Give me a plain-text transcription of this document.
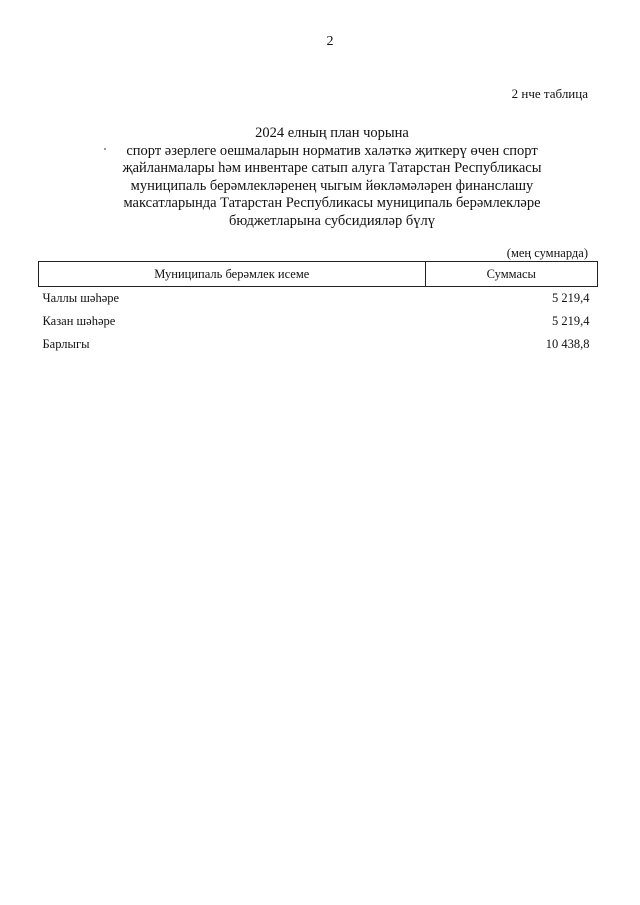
2
2 нче таблица
2024 елның план чорына
спорт әзерлеге оешмаларын норматив халәткә җиткерү өчен спорт
җайланмалары һәм инвентаре сатып алуга Татарстан Республикасы
муниципаль берәмлекләренең чыгым йөкләмәләрен финанслашу
максатларында Татарстан Республикасы муниципаль берәмлекләре
бюджетларына субсидияләр бүлү
(мең сумнарда)
Муниципаль берәмлек исеме	Суммасы
Чаллы шәһәре	5 219,4
Казан шәһәре	5 219,4
Барлыгы	10 438,8
